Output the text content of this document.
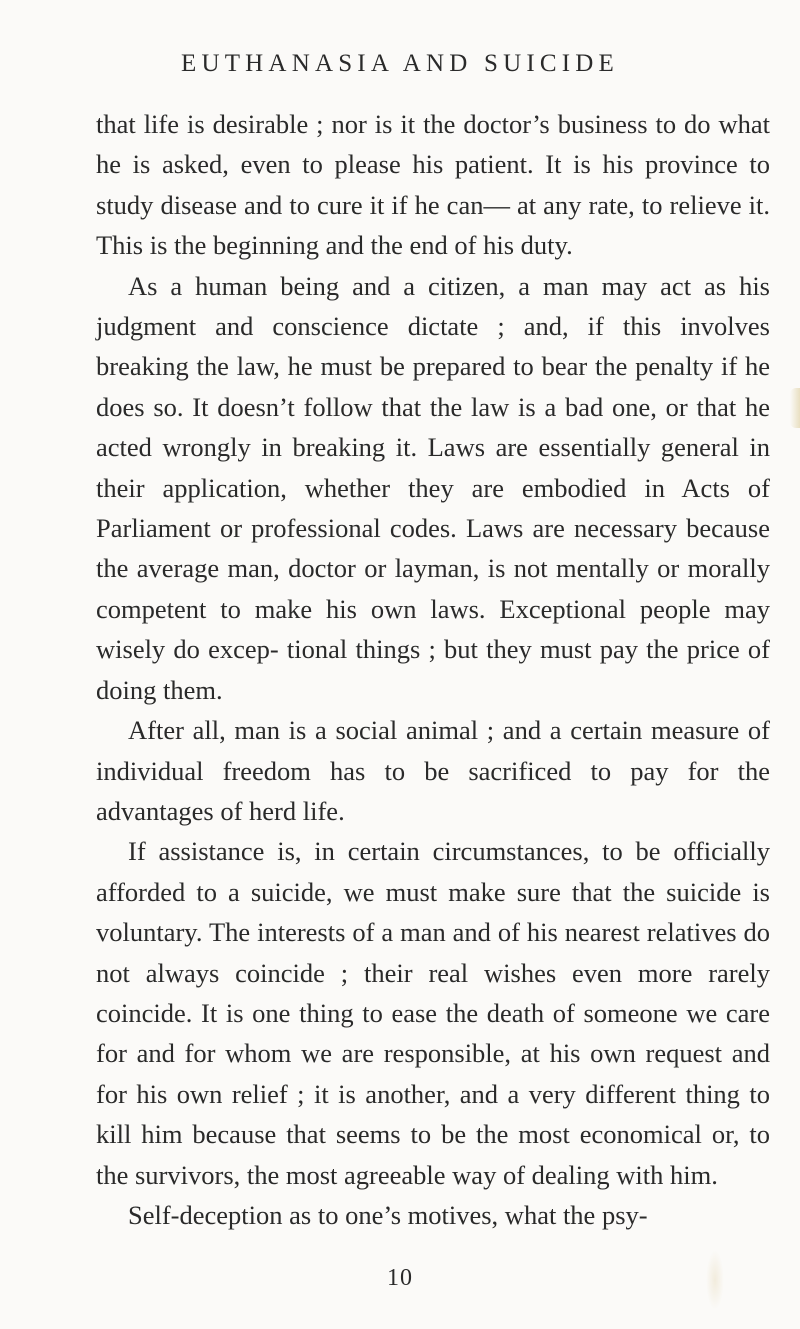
EUTHANASIA AND SUICIDE

that life is desirable ; nor is it the doctor’s business to do what he is asked, even to please his patient. It is his province to study disease and to cure it if he can— at any rate, to relieve it. This is the beginning and the end of his duty.

As a human being and a citizen, a man may act as his judgment and conscience dictate ; and, if this involves breaking the law, he must be prepared to bear the penalty if he does so. It doesn’t follow that the law is a bad one, or that he acted wrongly in breaking it. Laws are essentially general in their application, whether they are embodied in Acts of Parliament or professional codes. Laws are necessary because the average man, doctor or layman, is not mentally or morally competent to make his own laws. Exceptional people may wisely do excep- tional things ; but they must pay the price of doing them.

After all, man is a social animal ; and a certain measure of individual freedom has to be sacrificed to pay for the advantages of herd life.

If assistance is, in certain circumstances, to be officially afforded to a suicide, we must make sure that the suicide is voluntary. The interests of a man and of his nearest relatives do not always coincide ; their real wishes even more rarely coincide. It is one thing to ease the death of someone we care for and for whom we are responsible, at his own request and for his own relief ; it is another, and a very different thing to kill him because that seems to be the most economical or, to the survivors, the most agreeable way of dealing with him.

Self-deception as to one’s motives, what the psy-

10
